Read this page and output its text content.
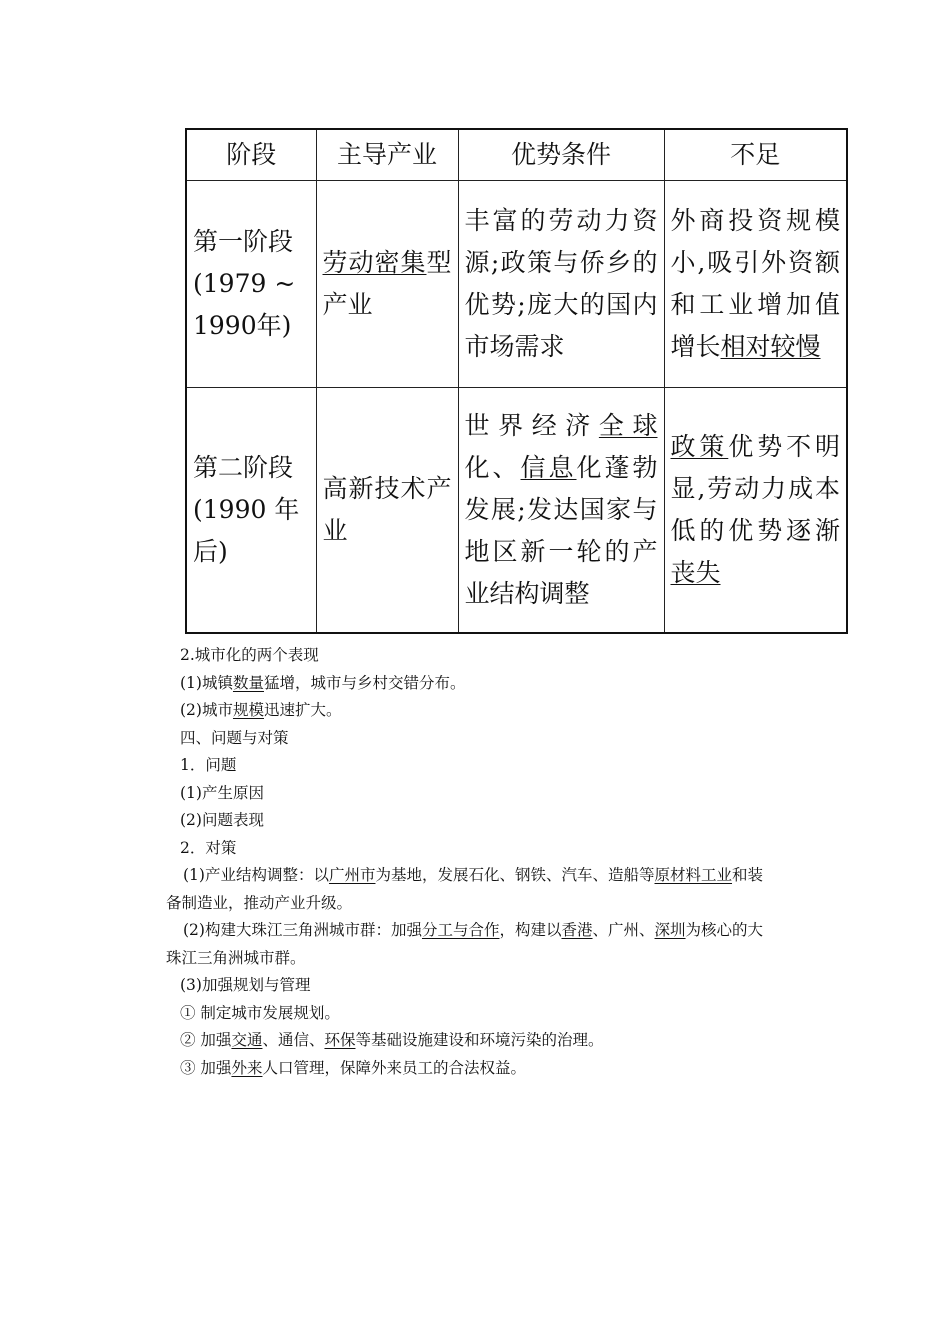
阶段	主导产业	优势条件	不足

第一阶段
(1979 ~
1990年)	劳动密集型产业	丰富的劳动力资源;政策与侨乡的优势;庞大的国内市场需求	外商投资规模小,吸引外资额和工业增加值增长相对较慢

第二阶段
(1990 年
后)	高新技术产业	世界经济全球化、信息化蓬勃发展;发达国家与地区新一轮的产业结构调整	政策优势不明显,劳动力成本低的优势逐渐丧失

2.城市化的两个表现

(1)城镇数量猛增，城市与乡村交错分布。

(2)城市规模迅速扩大。

四、问题与对策

1．问题

(1)产生原因

(2)问题表现

2．对策

(1)产业结构调整：以广州市为基地，发展石化、钢铁、汽车、造船等原材料工业和装

备制造业，推动产业升级。

(2)构建大珠江三角洲城市群：加强分工与合作，构建以香港、广州、深圳为核心的大

珠江三角洲城市群。

(3)加强规划与管理

① 制定城市发展规划。

② 加强交通、通信、环保等基础设施建设和环境污染的治理。

③ 加强外来人口管理，保障外来员工的合法权益。
